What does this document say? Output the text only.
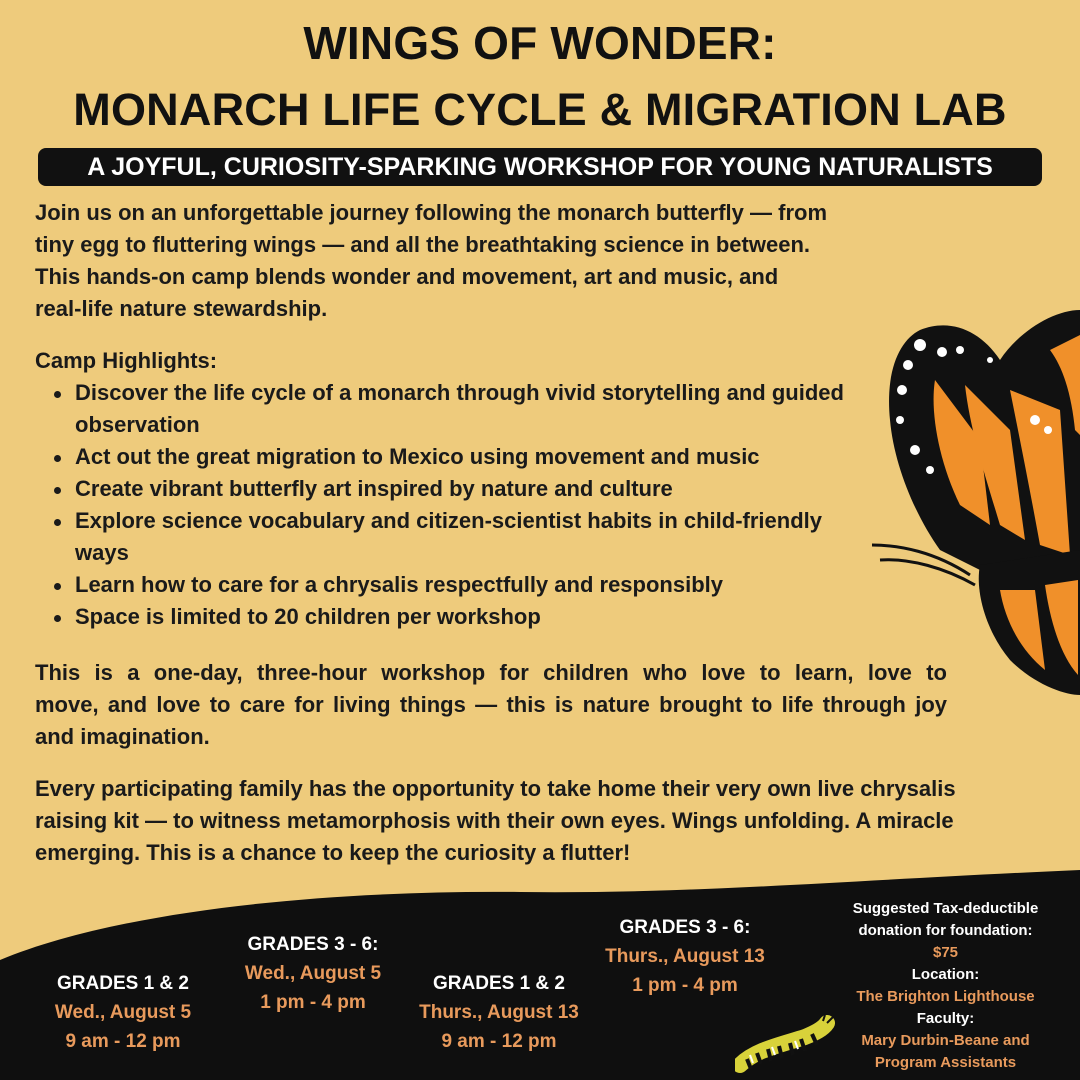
WINGS OF WONDER:
MONARCH LIFE CYCLE & MIGRATION LAB
A JOYFUL, CURIOSITY-SPARKING WORKSHOP FOR YOUNG NATURALISTS
Join us on an unforgettable journey following the monarch butterfly — from
tiny egg to fluttering wings — and all the breathtaking science in between.
This hands-on camp blends wonder and movement, art and music, and
real-life nature stewardship.
Camp Highlights:
Discover the life cycle of a monarch through vivid storytelling and guided observation
Act out the great migration to Mexico using movement and music
Create vibrant butterfly art inspired by nature and culture
Explore science vocabulary and citizen-scientist habits in child-friendly ways
Learn how to care for a chrysalis respectfully and responsibly
Space is limited to 20 children per workshop
This is a one-day, three-hour workshop for children who love to learn, love to
move, and love to care for living things — this is nature brought to life through joy
and imagination.
Every participating family has the opportunity to take home their very own live chrysalis
raising kit — to witness metamorphosis with their own eyes. Wings unfolding. A miracle
emerging. This is a chance to keep the curiosity a flutter!
GRADES 1 & 2
Wed., August 5
9 am - 12 pm
GRADES 3 - 6:
Wed., August 5
1 pm - 4 pm
GRADES 1 & 2
Thurs., August 13
9 am - 12 pm
GRADES 3 - 6:
Thurs., August 13
1 pm - 4 pm
Suggested Tax-deductible
donation for foundation:
$75
Location:
The Brighton Lighthouse
Faculty:
Mary Durbin-Beane and
Program Assistants
